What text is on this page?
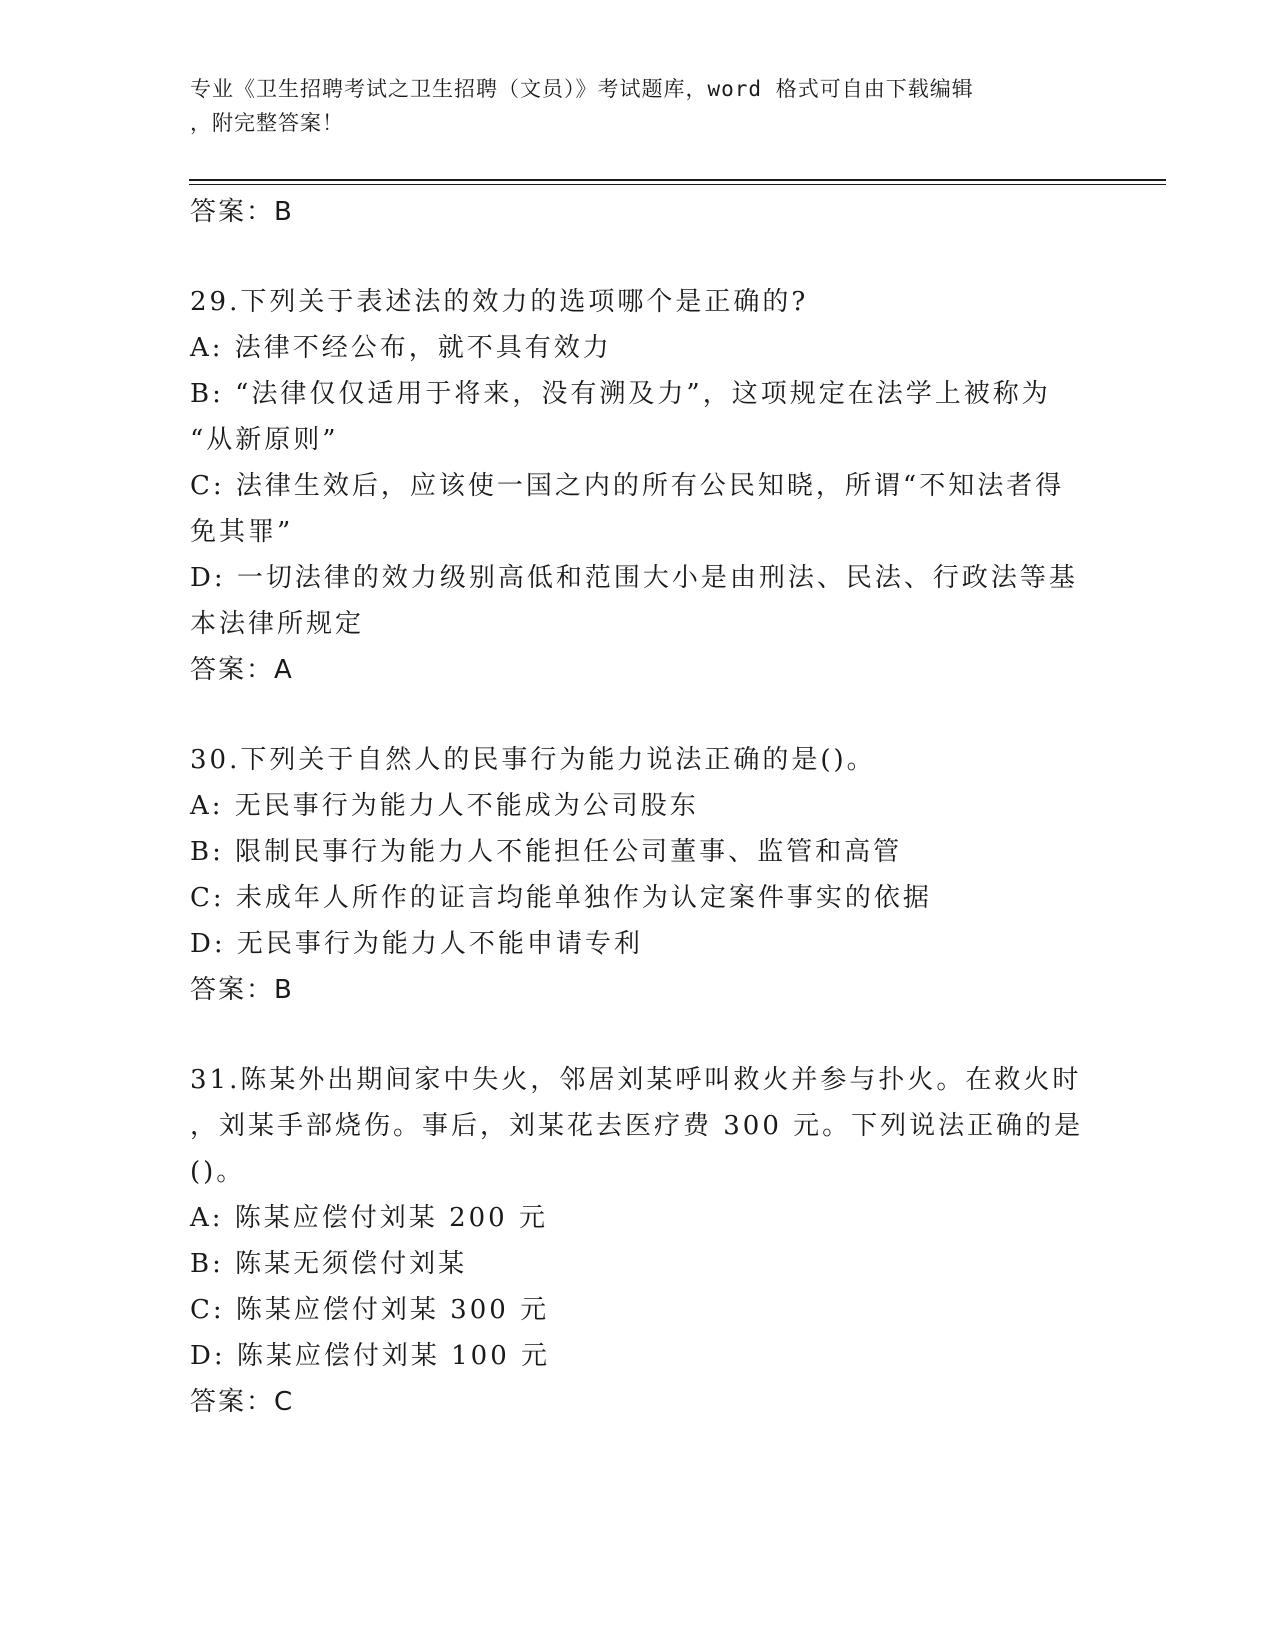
专业《卫生招聘考试之卫生招聘（文员）》考试题库，word 格式可自由下载编辑
，附完整答案！
答案：B
29.下列关于表述法的效力的选项哪个是正确的?
A: 法律不经公布，就不具有效力
B: “法律仅仅适用于将来，没有溯及力”，这项规定在法学上被称为
“从新原则”
C: 法律生效后，应该使一国之内的所有公民知晓，所谓“不知法者得
免其罪”
D: 一切法律的效力级别高低和范围大小是由刑法、民法、行政法等基
本法律所规定
答案：A
30.下列关于自然人的民事行为能力说法正确的是()。
A: 无民事行为能力人不能成为公司股东
B: 限制民事行为能力人不能担任公司董事、监管和高管
C: 未成年人所作的证言均能单独作为认定案件事实的依据
D: 无民事行为能力人不能申请专利
答案：B
31.陈某外出期间家中失火，邻居刘某呼叫救火并参与扑火。在救火时
，刘某手部烧伤。事后，刘某花去医疗费 300 元。下列说法正确的是
()。
A: 陈某应偿付刘某 200 元
B: 陈某无须偿付刘某
C: 陈某应偿付刘某 300 元
D: 陈某应偿付刘某 100 元
答案：C
